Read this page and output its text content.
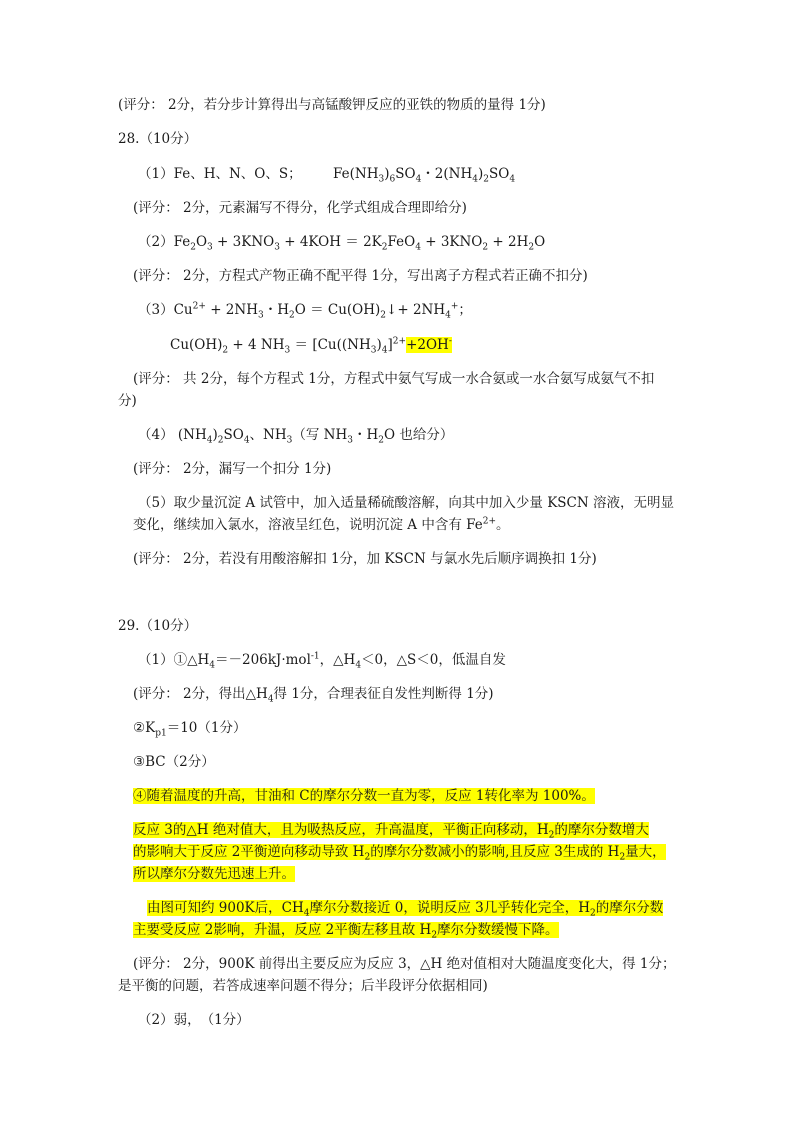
(评分： 2分，若分步计算得出与高锰酸钾反应的亚铁的物质的量得 1分)
28.（10分）
（1）Fe、H、N、O、S； $Fe(NH_3)_6SO_4$・$2(NH_4)_2SO_4$
(评分： 2分，元素漏写不得分，化学式组成合理即给分)
$(2)Fe_2O_3 + 3KNO_3 + 4KOH = 2K_2FeO_4 + 3KNO_2 + 2H_2O$
(评分： 2分，方程式产物正确不配平得 1分，写出离子方程式若正确不扣分)
$(3)Cu^{2+} + 2NH_3$・$H_2O$ ＝ $Cu(OH)_2↓+ 2NH_4^+$；
$Cu(OH)_2 + 4$ $NH_3 = [Cu((NH_3)_4]^{2+}+2OH^-$
(评分： 共 2分，每个方程式 1分，方程式中氨气写成一水合氨或一水合氨写成氨气不扣
分)
（4） $(NH_4)_2SO_4$、$NH_3$（写 $NH_3$・$H_2O$ 也给分）
(评分： 2分，漏写一个扣分 1分)
（5）取少量沉淀 A 试管中，加入适量稀硫酸溶解，向其中加入少量 KSCN 溶液，无明显
变化，继续加入氯水，溶液呈红色，说明沉淀 A 中含有 $Fe^{2+}$。
(评分： 2分，若没有用酸溶解扣 1分，加 KSCN 与氯水先后顺序调换扣 1分)
29.（10分）
$(1)①\triangle H_4=-206kJ\cdot mol^{-1}$，$\triangle H_4<0$，△S＜0，低温自发
(评分： 2分，得出$\triangle H_4$得 1分，合理表征自发性判断得 1分)
$②K_{p1}=10(1$分）
③BC（2分）
④随着温度的升高，甘油和 C的摩尔分数一直为零，反应 1转化率为 100%。
反应 3的△H 绝对值大，且为吸热反应，升高温度，平衡正向移动，$H_2$的摩尔分数增大
的影响大于反应 2平衡逆向移动导致 $H_2$的摩尔分数减小的影响,且反应 3生成的 $H_2$量大，
所以摩尔分数先迅速上升。
由图可知约 900K后，$CH_4$摩尔分数接近 0，说明反应 3几乎转化完全，$H_2$的摩尔分数
主要受反应 2影响，升温，反应 2平衡左移且故 $H_2$摩尔分数缓慢下降。
(评分： 2分，900K 前得出主要反应为反应 3，△H 绝对值相对大随温度变化大，得 1分；
是平衡的问题，若答成速率问题不得分；后半段评分依据相同)
（2）弱，　（1分）
